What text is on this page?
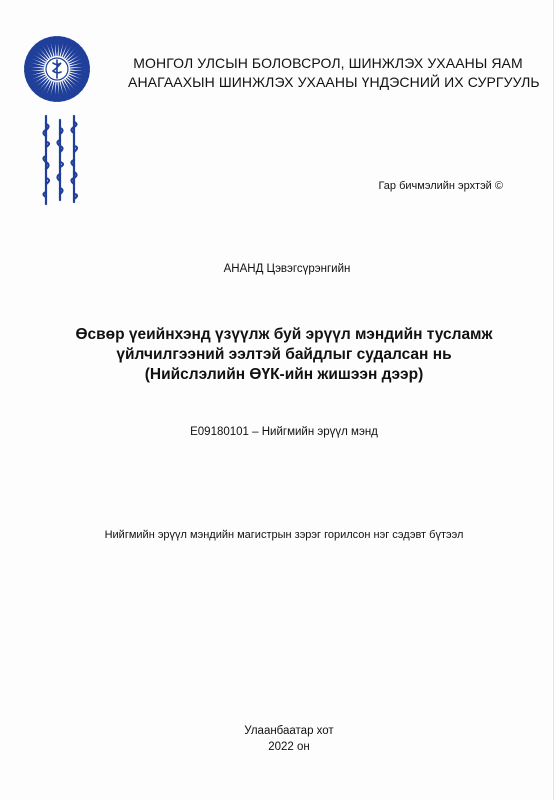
МОНГОЛ УЛСЫН БОЛОВСРОЛ, ШИНЖЛЭХ УХААНЫ ЯАМ
АНАГААХЫН ШИНЖЛЭХ УХААНЫ ҮНДЭСНИЙ ИХ СУРГУУЛЬ
Гар бичмэлийн эрхтэй ©
АНАНД Цэвэгсүрэнгийн
Өсвөр үеийнхэнд үзүүлж буй эрүүл мэндийн тусламж
үйлчилгээний ээлтэй байдлыг судалсан нь
(Нийслэлийн ӨҮК-ийн жишээн дээр)
E09180101 – Нийгмийн эрүүл мэнд
Нийгмийн эрүүл мэндийн магистрын зэрэг горилсон нэг сэдэвт бүтээл
Улаанбаатар хот
2022 он
